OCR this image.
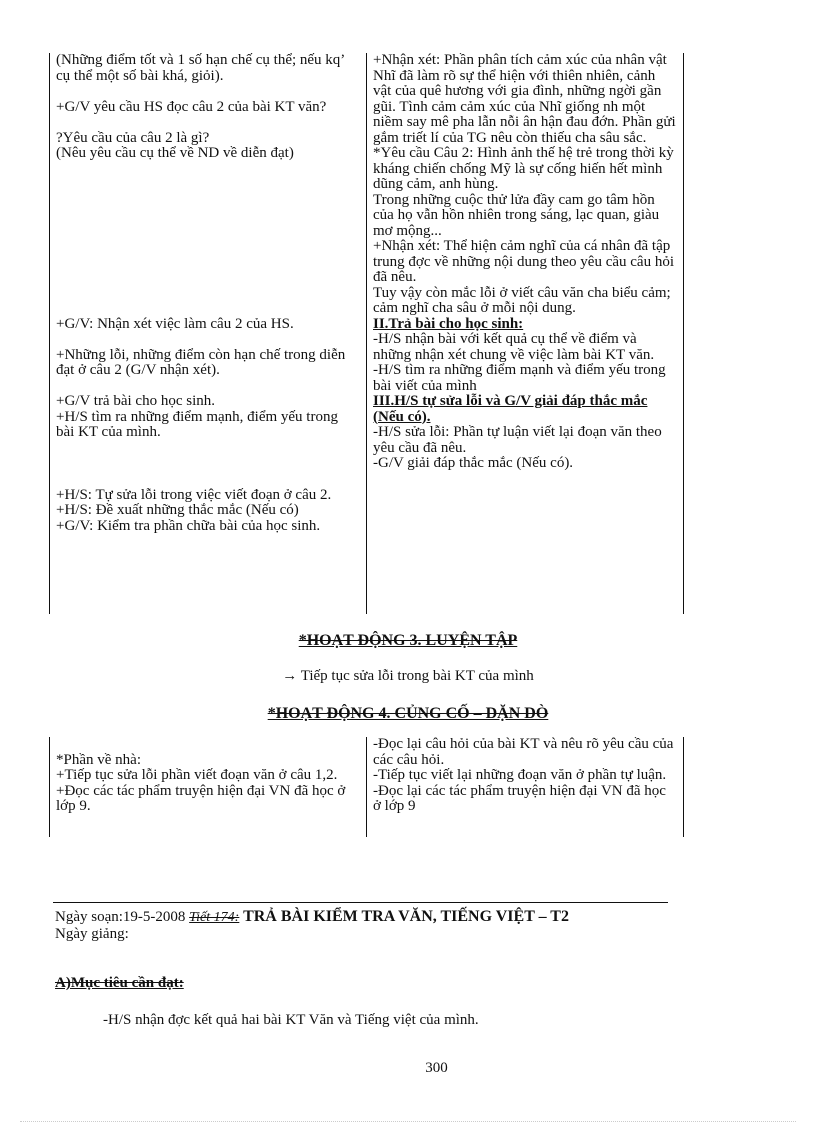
(Những điểm tốt và 1 số hạn chế cụ thể; nếu kq’ cụ thể một số bài khá, giỏi).
+G/V yêu cầu HS đọc câu 2 của bài KT văn?
?Yêu cầu của câu 2 là gì?
(Nêu yêu cầu cụ thể về ND về diễn đạt)
+G/V: Nhận xét việc làm câu 2 của HS.
+Những lỗi, những điểm còn hạn chế trong diễn đạt ở câu 2 (G/V nhận xét).
+G/V trả bài cho học sinh.
+H/S tìm ra những điểm mạnh, điểm yếu trong bài KT của mình.
+H/S: Tự sửa lỗi trong việc viết đoạn ở câu 2.
+H/S: Đề xuất những thắc mắc (Nếu có)
+G/V: Kiểm tra phần chữa bài của học sinh.
+Nhận xét: Phần phân tích cảm xúc của nhân vật Nhĩ đã làm rõ sự thể hiện với thiên nhiên, cảnh vật của quê hương với gia đình, những ngời gần gũi. Tình cảm cảm xúc của Nhĩ giống nh một niềm say mê pha lẫn nỗi ân hận đau đớn. Phần gửi gắm triết lí của TG nêu còn thiếu cha sâu sắc.
*Yêu cầu Câu 2: Hình ảnh thế hệ trẻ trong thời kỳ kháng chiến chống Mỹ là sự cống hiến hết mình dũng cảm, anh hùng.
Trong những cuộc thử lửa đầy cam go tâm hồn của họ vẫn hồn nhiên trong sáng, lạc quan, giàu mơ mộng...
+Nhận xét: Thể hiện cảm nghĩ của cá nhân đã tập trung đợc về những nội dung theo yêu cầu câu hỏi đã nêu.
Tuy vậy còn mắc lỗi ở viết câu văn cha biểu cảm; cảm nghĩ cha sâu ở mỗi nội dung.
II.Trả bài cho học sinh:
-H/S nhận bài với kết quả cụ thể về điểm và những nhận xét chung về việc làm bài KT văn.
-H/S tìm ra những điểm mạnh và điểm yếu trong bài viết của mình
III.H/S tự sửa lỗi và G/V giải đáp thắc mắc (Nếu có).
-H/S sửa lỗi: Phần tự luận viết lại đoạn văn theo yêu cầu đã nêu.
-G/V giải đáp thắc mắc (Nếu có).
*HOẠT ĐỘNG 3. LUYỆN TẬP
→ Tiếp tục sửa lỗi trong bài KT của mình
*HOẠT ĐỘNG 4. CỦNG CỐ – DẶN DÒ
*Phần về nhà:
+Tiếp tục sửa lỗi phần viết đoạn văn ở câu 1,2.
+Đọc các tác phẩm truyện hiện đại VN đã học ở lớp 9.
-Đọc lại câu hỏi của bài KT và nêu rõ yêu cầu của các câu hỏi.
-Tiếp tục viết lại những đoạn văn ở phần tự luận.
-Đọc lại các tác phẩm truyện hiện đại VN đã học ở lớp 9
Ngày soạn:19-5-2008 Tiết 174: TRẢ BÀI KIỂM TRA VĂN, TIẾNG VIỆT – T2
Ngày giảng:
A)Mục tiêu cần đạt:
-H/S nhận đợc kết quả hai bài KT Văn và Tiếng việt của mình.
300
